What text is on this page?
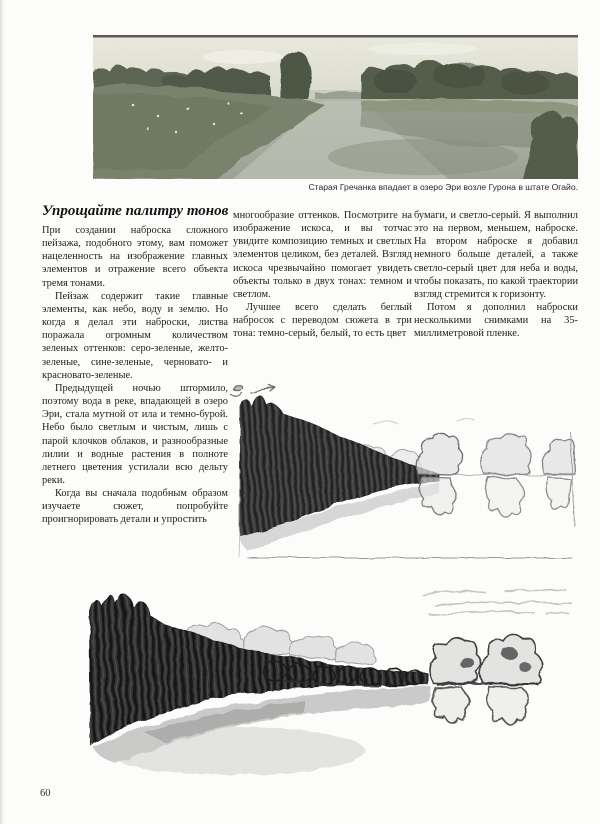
Старая Гречанка впадает в озеро Эри возле Гурона в штате Огайо.
Упрощайте палитру тонов

При создании наброска сложного пейзажа, подобного этому, вам поможет нацеленность на изображение главных элементов и отражение всего объекта тремя тонами.

Пейзаж содержит такие главные элементы, как небо, воду и землю. Но когда я делал эти наброски, листва поражала огромным количеством зеленых оттенков: серо-зеленые, желто-зеленые, сине-зеленые, черновато- и красновато-зеленые.

Предыдущей ночью штормило, поэтому вода в реке, впадающей в озеро Эри, стала мутной от ила и темно-бурой. Небо было светлым и чистым, лишь с парой клочков облаков, и разнообразные лилии и водные растения в полноте летнего цветения устилали всю дельту реки.

Когда вы сначала подобным образом изучаете сюжет, попробуйте проигнорировать детали и упростить

многообразие оттенков. Посмотрите на изображение искоса, и вы тотчас увидите композицию темных и светлых элементов целиком, без деталей. Взгляд искоса чрезвычайно помогает увидеть объекты только в двух тонах: темном и светлом.

Лучшее всего сделать беглый набросок с переводом сюжета в три тона: темно-серый, белый, то есть цвет

бумаги, и светло-серый. Я выполнил это на первом, меньшем, наброске. На втором наброске я добавил немного больше деталей, а также светло-серый цвет для неба и воды, чтобы показать, по какой траектории взгляд стремится к горизонту.

Потом я дополнил наброски несколькими снимками на 35-миллиметровой пленке.

60
